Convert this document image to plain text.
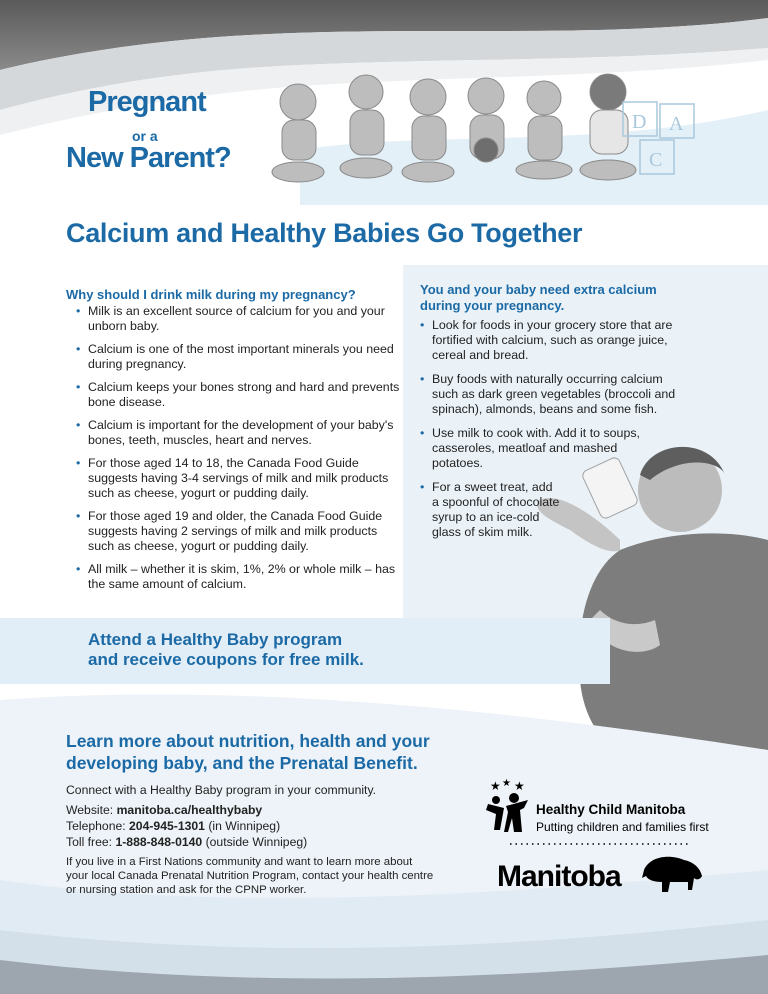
Pregnant
or a
New Parent?
D A
C
Calcium and Healthy Babies Go Together
Why should I drink milk during my pregnancy?
• Milk is an excellent source of calcium for you and your unborn baby.
• Calcium is one of the most important minerals you need during pregnancy.
• Calcium keeps your bones strong and hard and prevents bone disease.
• Calcium is important for the development of your baby's bones, teeth, muscles, heart and nerves.
• For those aged 14 to 18, the Canada Food Guide suggests having 3-4 servings of milk and milk products such as cheese, yogurt or pudding daily.
• For those aged 19 and older, the Canada Food Guide suggests having 2 servings of milk and milk products such as cheese, yogurt or pudding daily.
• All milk – whether it is skim, 1%, 2% or whole milk – has the same amount of calcium.
You and your baby need extra calcium during your pregnancy.
• Look for foods in your grocery store that are fortified with calcium, such as orange juice, cereal and bread.
• Buy foods with naturally occurring calcium such as dark green vegetables (broccoli and spinach), almonds, beans and some fish.
• Use milk to cook with. Add it to soups, casseroles, meatloaf and mashed potatoes.
• For a sweet treat, add a spoonful of chocolate syrup to an ice-cold glass of skim milk.
Attend a Healthy Baby program
and receive coupons for free milk.
Learn more about nutrition, health and your
developing baby, and the Prenatal Benefit.
Connect with a Healthy Baby program in your community.
Website: manitoba.ca/healthybaby
Telephone: 204-945-1301 (in Winnipeg)
Toll free: 1-888-848-0140 (outside Winnipeg)
If you live in a First Nations community and want to learn more about your local Canada Prenatal Nutrition Program, contact your health centre or nursing station and ask for the CPNP worker.
★ ★ ★
Healthy Child Manitoba
Putting children and families first
Manitoba
